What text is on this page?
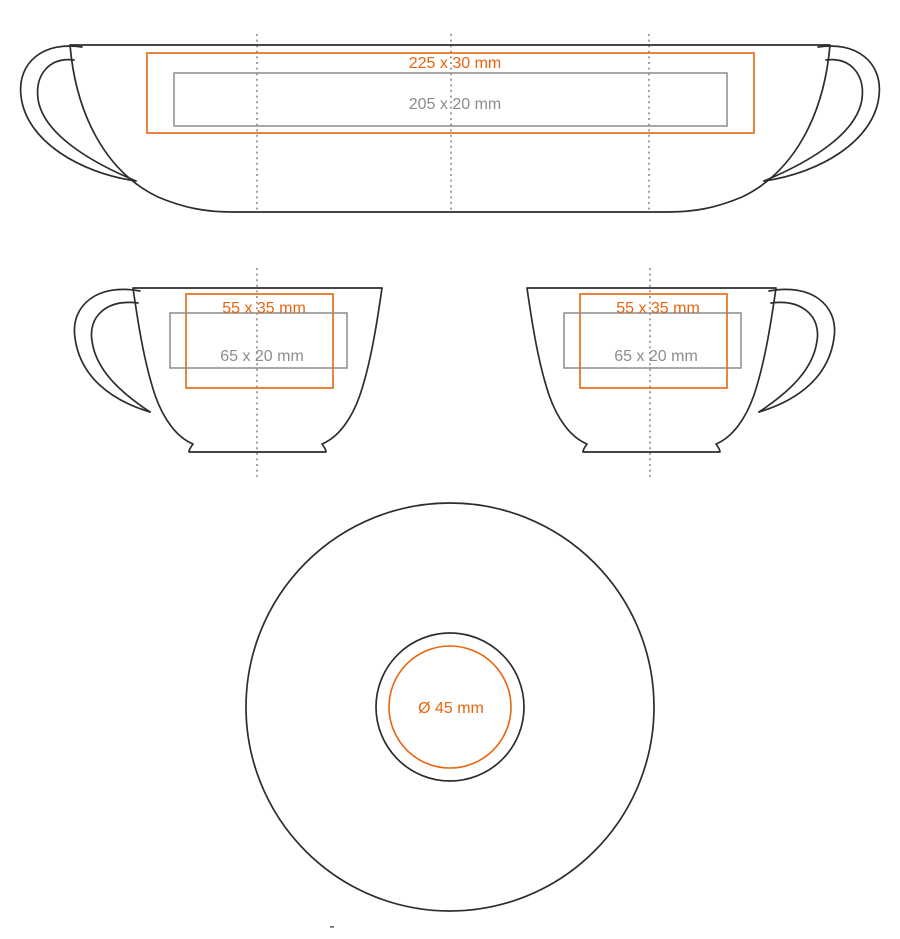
225 x 30 mm
205 x 20 mm
55 x 35 mm
65 x 20 mm
55 x 35 mm
65 x 20 mm
Ø 45 mm
-
